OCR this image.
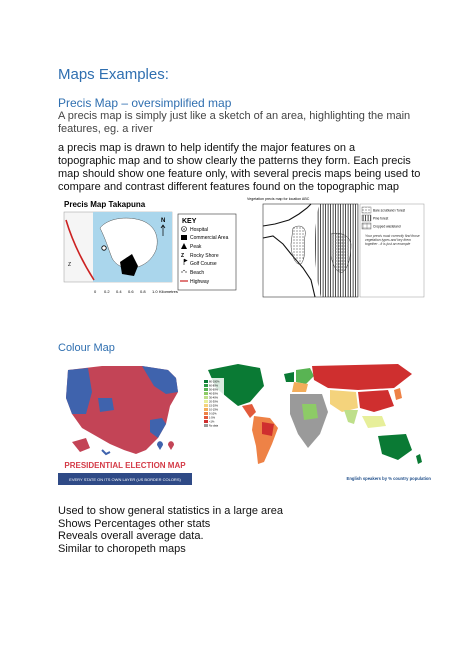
Maps Examples:
Precis Map – oversimplified map
A precis map is simply just like a sketch of an area, highlighting the main
features, eg. a river
a precis map is drawn to help identify the major features on a
topographic map and to show clearly the patterns they form. Each precis
map should show one feature only, with several precis maps being used to
compare and contrast different features found on the topographic map
Precis Map Takapuna
Z
N
0 0.2 0.4 0.6 0.8 1.0 Kilometres
KEY
H Hospital
Commercial Area
Peak
Z Rocky Shore
Golf Course
Beach
Highway
Vegetation precis map for location ABC
Bare scrubland / forest
Pine forest
Cropped wasteland
Your precis must correctly find those vegetation types and key them together - it is just an example
Colour Map
PRESIDENTIAL ELECTION MAP
EVERY STATE ON ITS OWN LAYER (US BORDER COLORS)
80-100%
60-80%
50-60%
40-50%
30-40%
20-30%
15-20%
10-15%
5-10%
1-5%
<1%
No data
English speakers by % country population
Used to show general statistics in a large area
Shows Percentages other stats
Reveals overall average data.
Similar to choropeth maps
